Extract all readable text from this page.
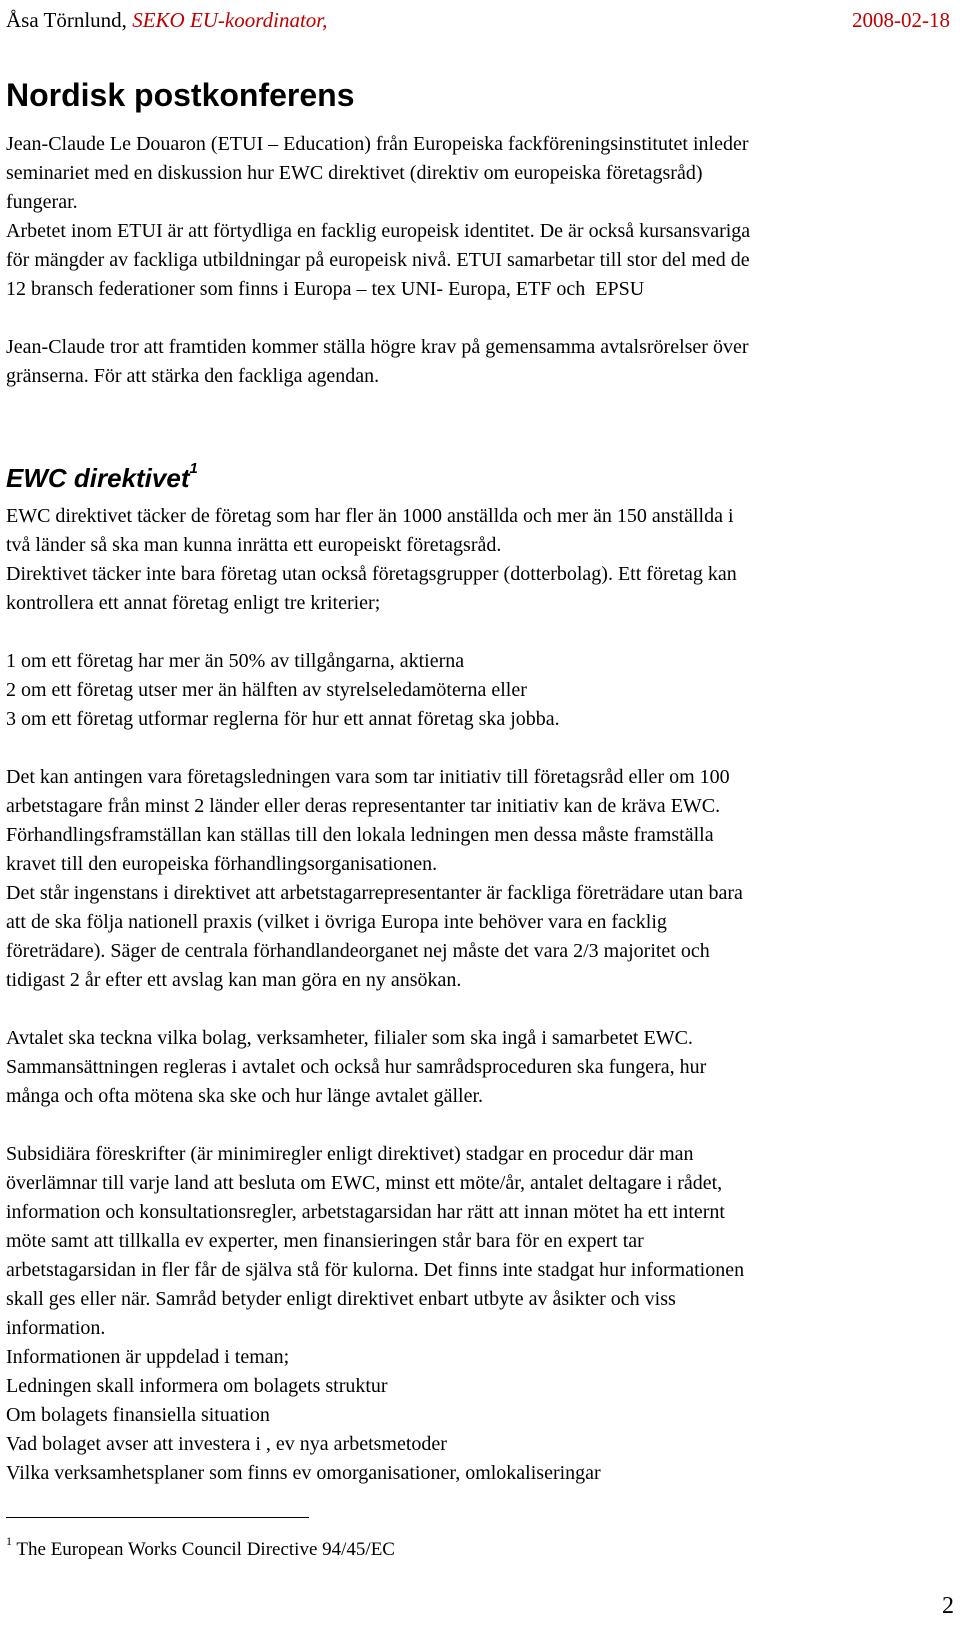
Åsa Törnlund, SEKO EU-koordinator,	2008-02-18
Nordisk postkonferens
Jean-Claude Le Douaron (ETUI – Education) från Europeiska fackföreningsinstitutet inleder
seminariet med en diskussion hur EWC direktivet (direktiv om europeiska företagsråd)
fungerar.
Arbetet inom ETUI är att förtydliga en facklig europeisk identitet. De är också kursansvariga
för mängder av fackliga utbildningar på europeisk nivå. ETUI samarbetar till stor del med de
12 bransch federationer som finns i Europa – tex UNI- Europa, ETF och  EPSU
Jean-Claude tror att framtiden kommer ställa högre krav på gemensamma avtalsrörelser över
gränserna. För att stärka den fackliga agendan.
EWC direktivet$^1$
EWC direktivet täcker de företag som har fler än 1000 anställda och mer än 150 anställda i
två länder så ska man kunna inrätta ett europeiskt företagsråd.
Direktivet täcker inte bara företag utan också företagsgrupper (dotterbolag). Ett företag kan
kontrollera ett annat företag enligt tre kriterier;
1 om ett företag har mer än 50% av tillgångarna, aktierna
2 om ett företag utser mer än hälften av styrelseledamöterna eller
3 om ett företag utformar reglerna för hur ett annat företag ska jobba.
Det kan antingen vara företagsledningen vara som tar initiativ till företagsråd eller om 100
arbetstagare från minst 2 länder eller deras representanter tar initiativ kan de kräva EWC.
Förhandlingsframställan kan ställas till den lokala ledningen men dessa måste framställa
kravet till den europeiska förhandlingsorganisationen.
Det står ingenstans i direktivet att arbetstagarrepresentanter är fackliga företrädare utan bara
att de ska följa nationell praxis (vilket i övriga Europa inte behöver vara en facklig
företrädare). Säger de centrala förhandlandeorganet nej måste det vara 2/3 majoritet och
tidigast 2 år efter ett avslag kan man göra en ny ansökan.
Avtalet ska teckna vilka bolag, verksamheter, filialer som ska ingå i samarbetet EWC.
Sammansättningen regleras i avtalet och också hur samrådsproceduren ska fungera, hur
många och ofta mötena ska ske och hur länge avtalet gäller.
Subsidiära föreskrifter (är minimiregler enligt direktivet) stadgar en procedur där man
överlämnar till varje land att besluta om EWC, minst ett möte/år, antalet deltagare i rådet,
information och konsultationsregler, arbetstagarsidan har rätt att innan mötet ha ett internt
möte samt att tillkalla ev experter, men finansieringen står bara för en expert tar
arbetstagarsidan in fler får de själva stå för kulorna. Det finns inte stadgat hur informationen
skall ges eller när. Samråd betyder enligt direktivet enbart utbyte av åsikter och viss
information.
Informationen är uppdelad i teman;
Ledningen skall informera om bolagets struktur
Om bolagets finansiella situation
Vad bolaget avser att investera i , ev nya arbetsmetoder
Vilka verksamhetsplaner som finns ev omorganisationer, omlokaliseringar
$^1$ The European Works Council Directive 94/45/EC
2
